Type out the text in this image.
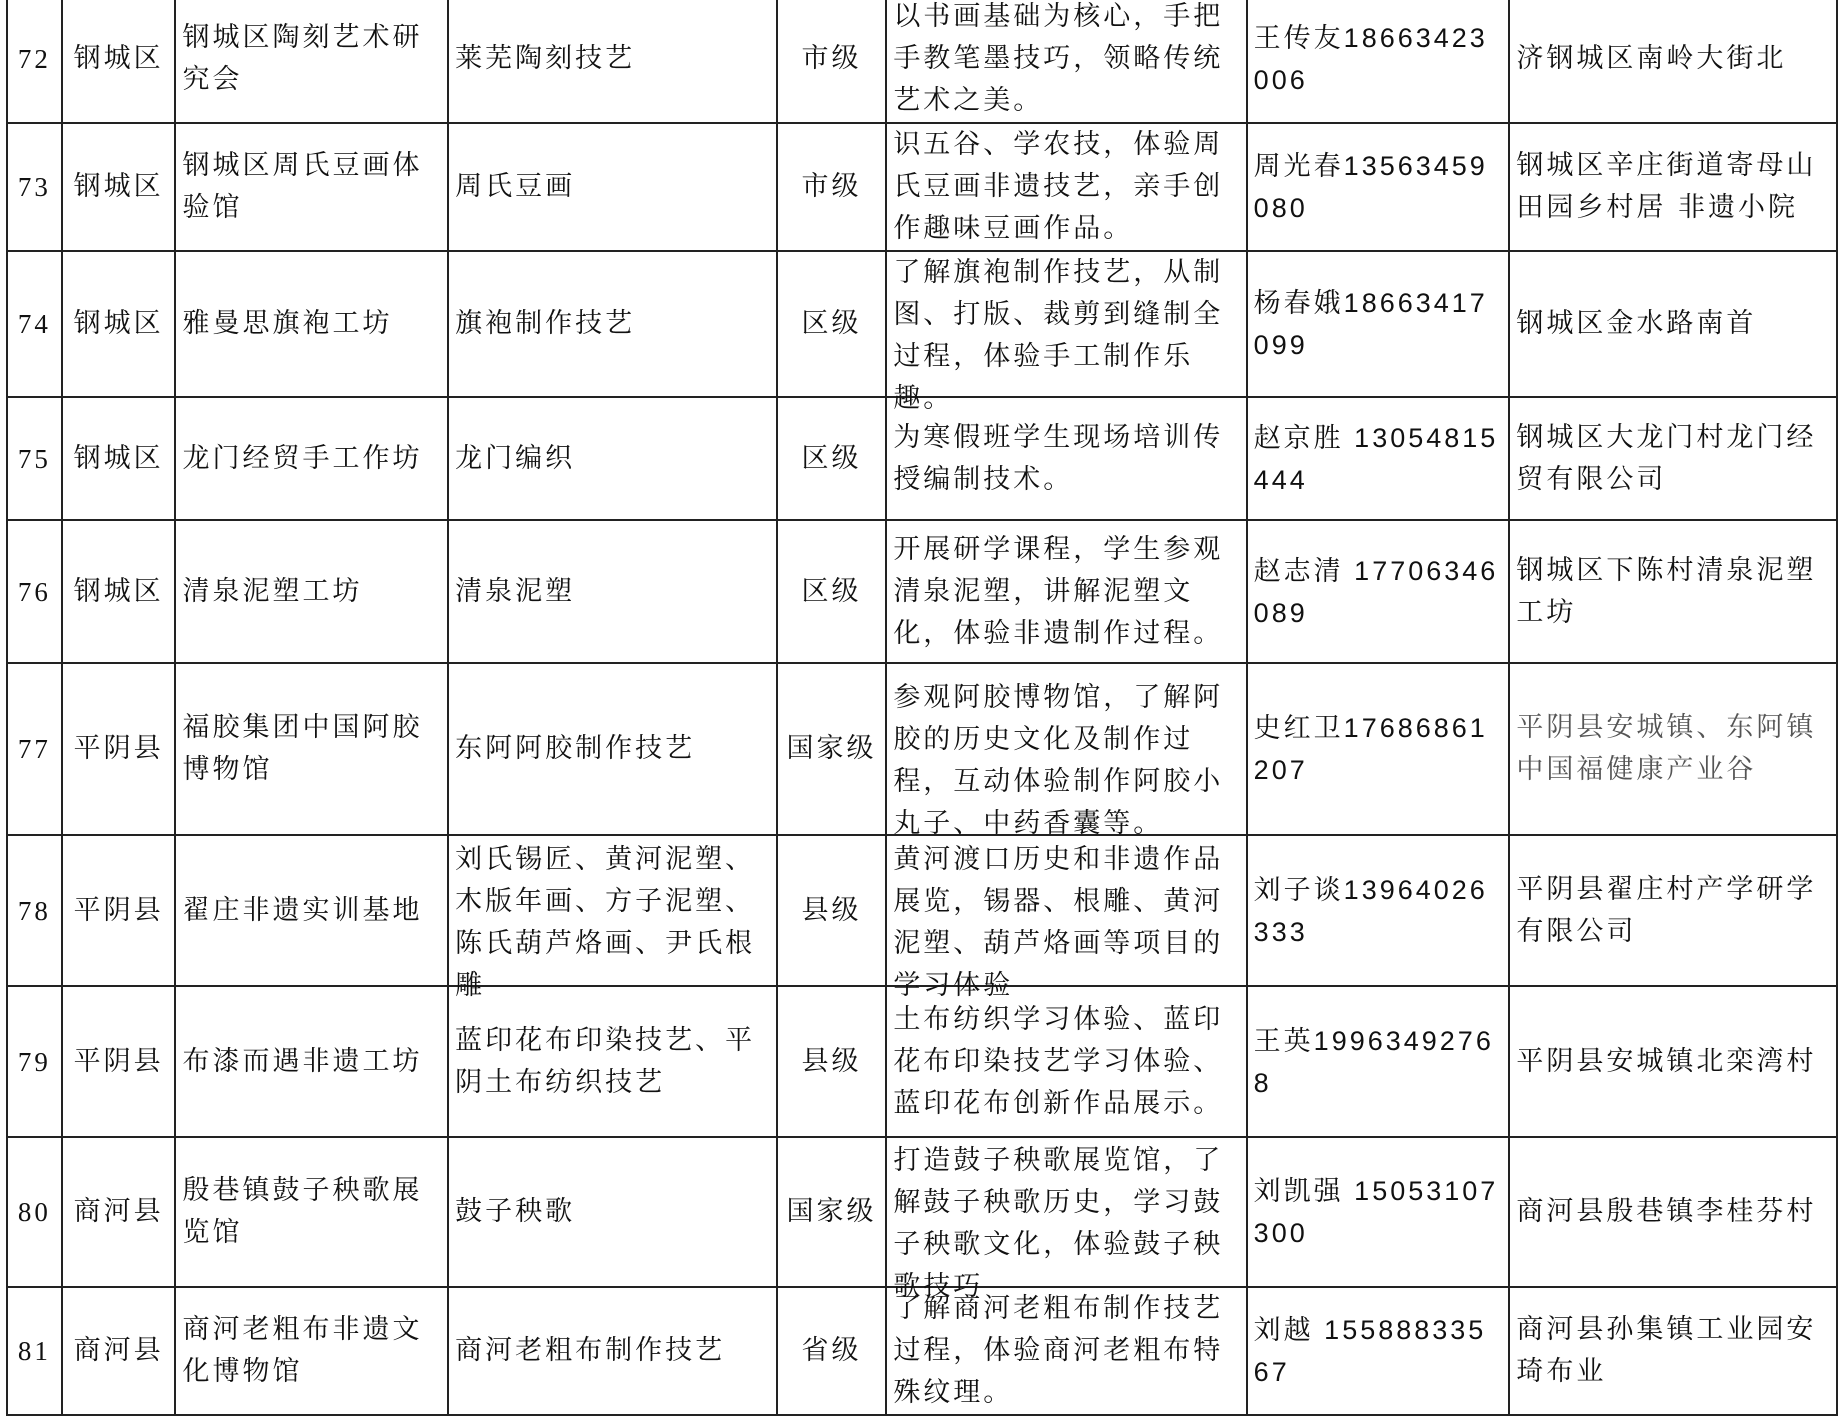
72	钢城区	钢城区陶刻艺术研究会	莱芜陶刻技艺	市级	以书画基础为核心，手把手教笔墨技巧，领略传统艺术之美。	王传友18663423006	济钢城区南岭大街北

73	钢城区	钢城区周氏豆画体验馆	周氏豆画	市级	识五谷、学农技，体验周氏豆画非遗技艺，亲手创作趣味豆画作品。	周光春13563459080	钢城区辛庄街道寄母山田园乡村居 非遗小院

74	钢城区	雅曼思旗袍工坊	旗袍制作技艺	区级	了解旗袍制作技艺，从制图、打版、裁剪到缝制全过程，体验手工制作乐趣。	杨春娥18663417099	钢城区金水路南首

75	钢城区	龙门经贸手工作坊	龙门编织	区级	为寒假班学生现场培训传授编制技术。	赵京胜 13054815444	钢城区大龙门村龙门经贸有限公司

76	钢城区	清泉泥塑工坊	清泉泥塑	区级	开展研学课程，学生参观清泉泥塑，讲解泥塑文化，体验非遗制作过程。	赵志清 17706346089	钢城区下陈村清泉泥塑工坊

77	平阴县	福胶集团中国阿胶博物馆	东阿阿胶制作技艺	国家级	参观阿胶博物馆，了解阿胶的历史文化及制作过程，互动体验制作阿胶小丸子、中药香囊等。	史红卫17686861207	平阴县安城镇、东阿镇中国福健康产业谷

78	平阴县	翟庄非遗实训基地	刘氏锡匠、黄河泥塑、木版年画、方子泥塑、陈氏葫芦烙画、尹氏根雕	县级	黄河渡口历史和非遗作品展览，锡器、根雕、黄河泥塑、葫芦烙画等项目的学习体验	刘子谈13964026333	平阴县翟庄村产学研学有限公司

79	平阴县	布漆而遇非遗工坊	蓝印花布印染技艺、平阴土布纺织技艺	县级	土布纺织学习体验、蓝印花布印染技艺学习体验、蓝印花布创新作品展示。	王英19963492768	平阴县安城镇北栾湾村

80	商河县	殷巷镇鼓子秧歌展览馆	鼓子秧歌	国家级	打造鼓子秧歌展览馆，了解鼓子秧歌历史，学习鼓子秧歌文化，体验鼓子秧歌技巧	刘凯强 15053107300	商河县殷巷镇李桂芬村

81	商河县	商河老粗布非遗文化博物馆	商河老粗布制作技艺	省级	了解商河老粗布制作技艺过程，体验商河老粗布特殊纹理。	刘越 15588833567	商河县孙集镇工业园安琦布业
